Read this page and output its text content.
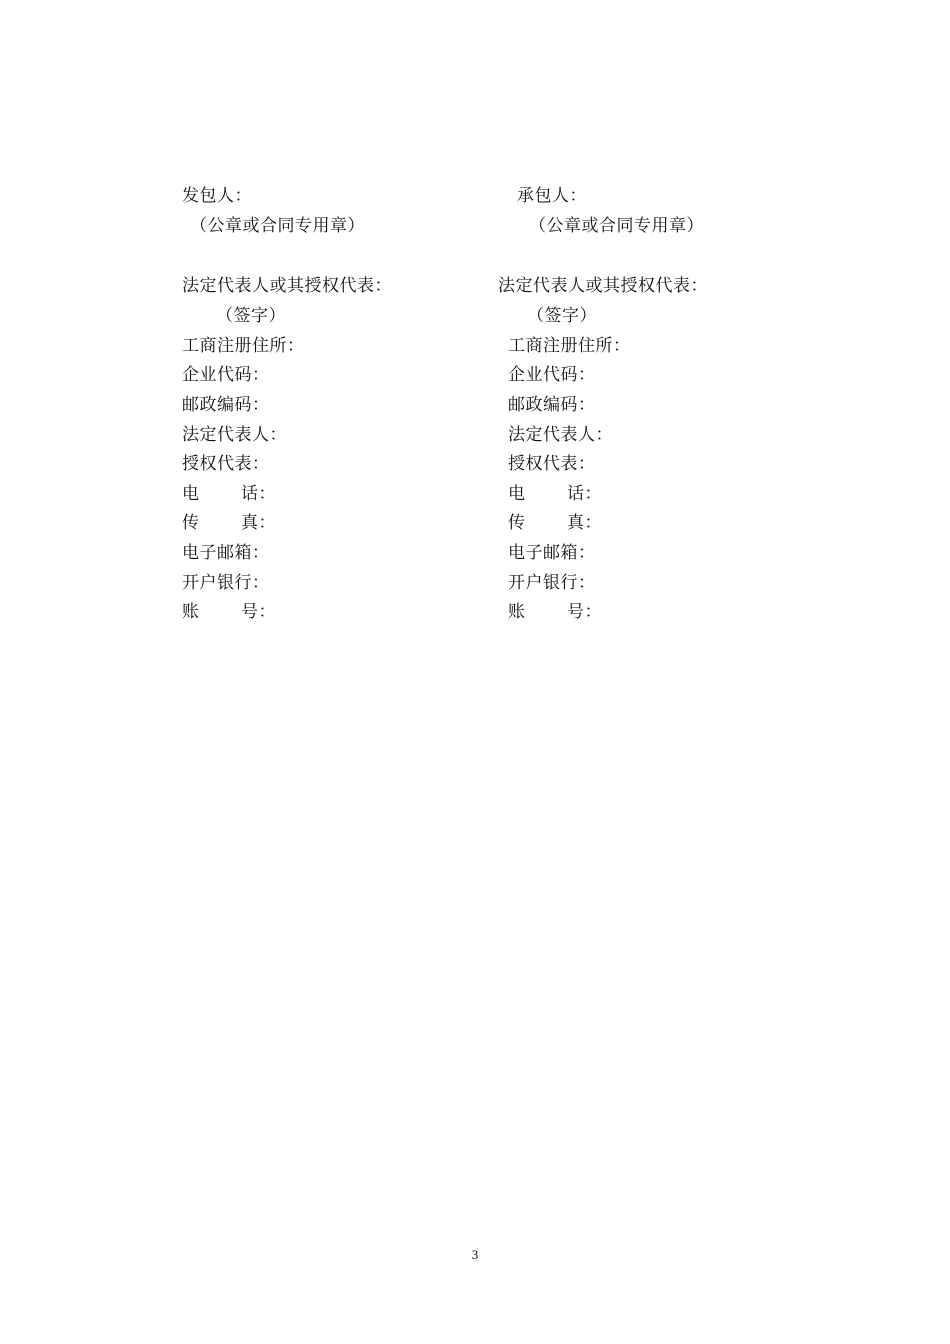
发包人：
（公章或合同专用章）
法定代表人或其授权代表：
（签字）
工商注册住所：
企业代码：
邮政编码：
法定代表人：
授权代表：
电 话：
传 真：
电子邮箱：
开户银行：
账 号：
承包人：
（公章或合同专用章）
法定代表人或其授权代表：
（签字）
工商注册住所：
企业代码：
邮政编码：
法定代表人：
授权代表：
电 话：
传 真：
电子邮箱：
开户银行：
账 号：
3
